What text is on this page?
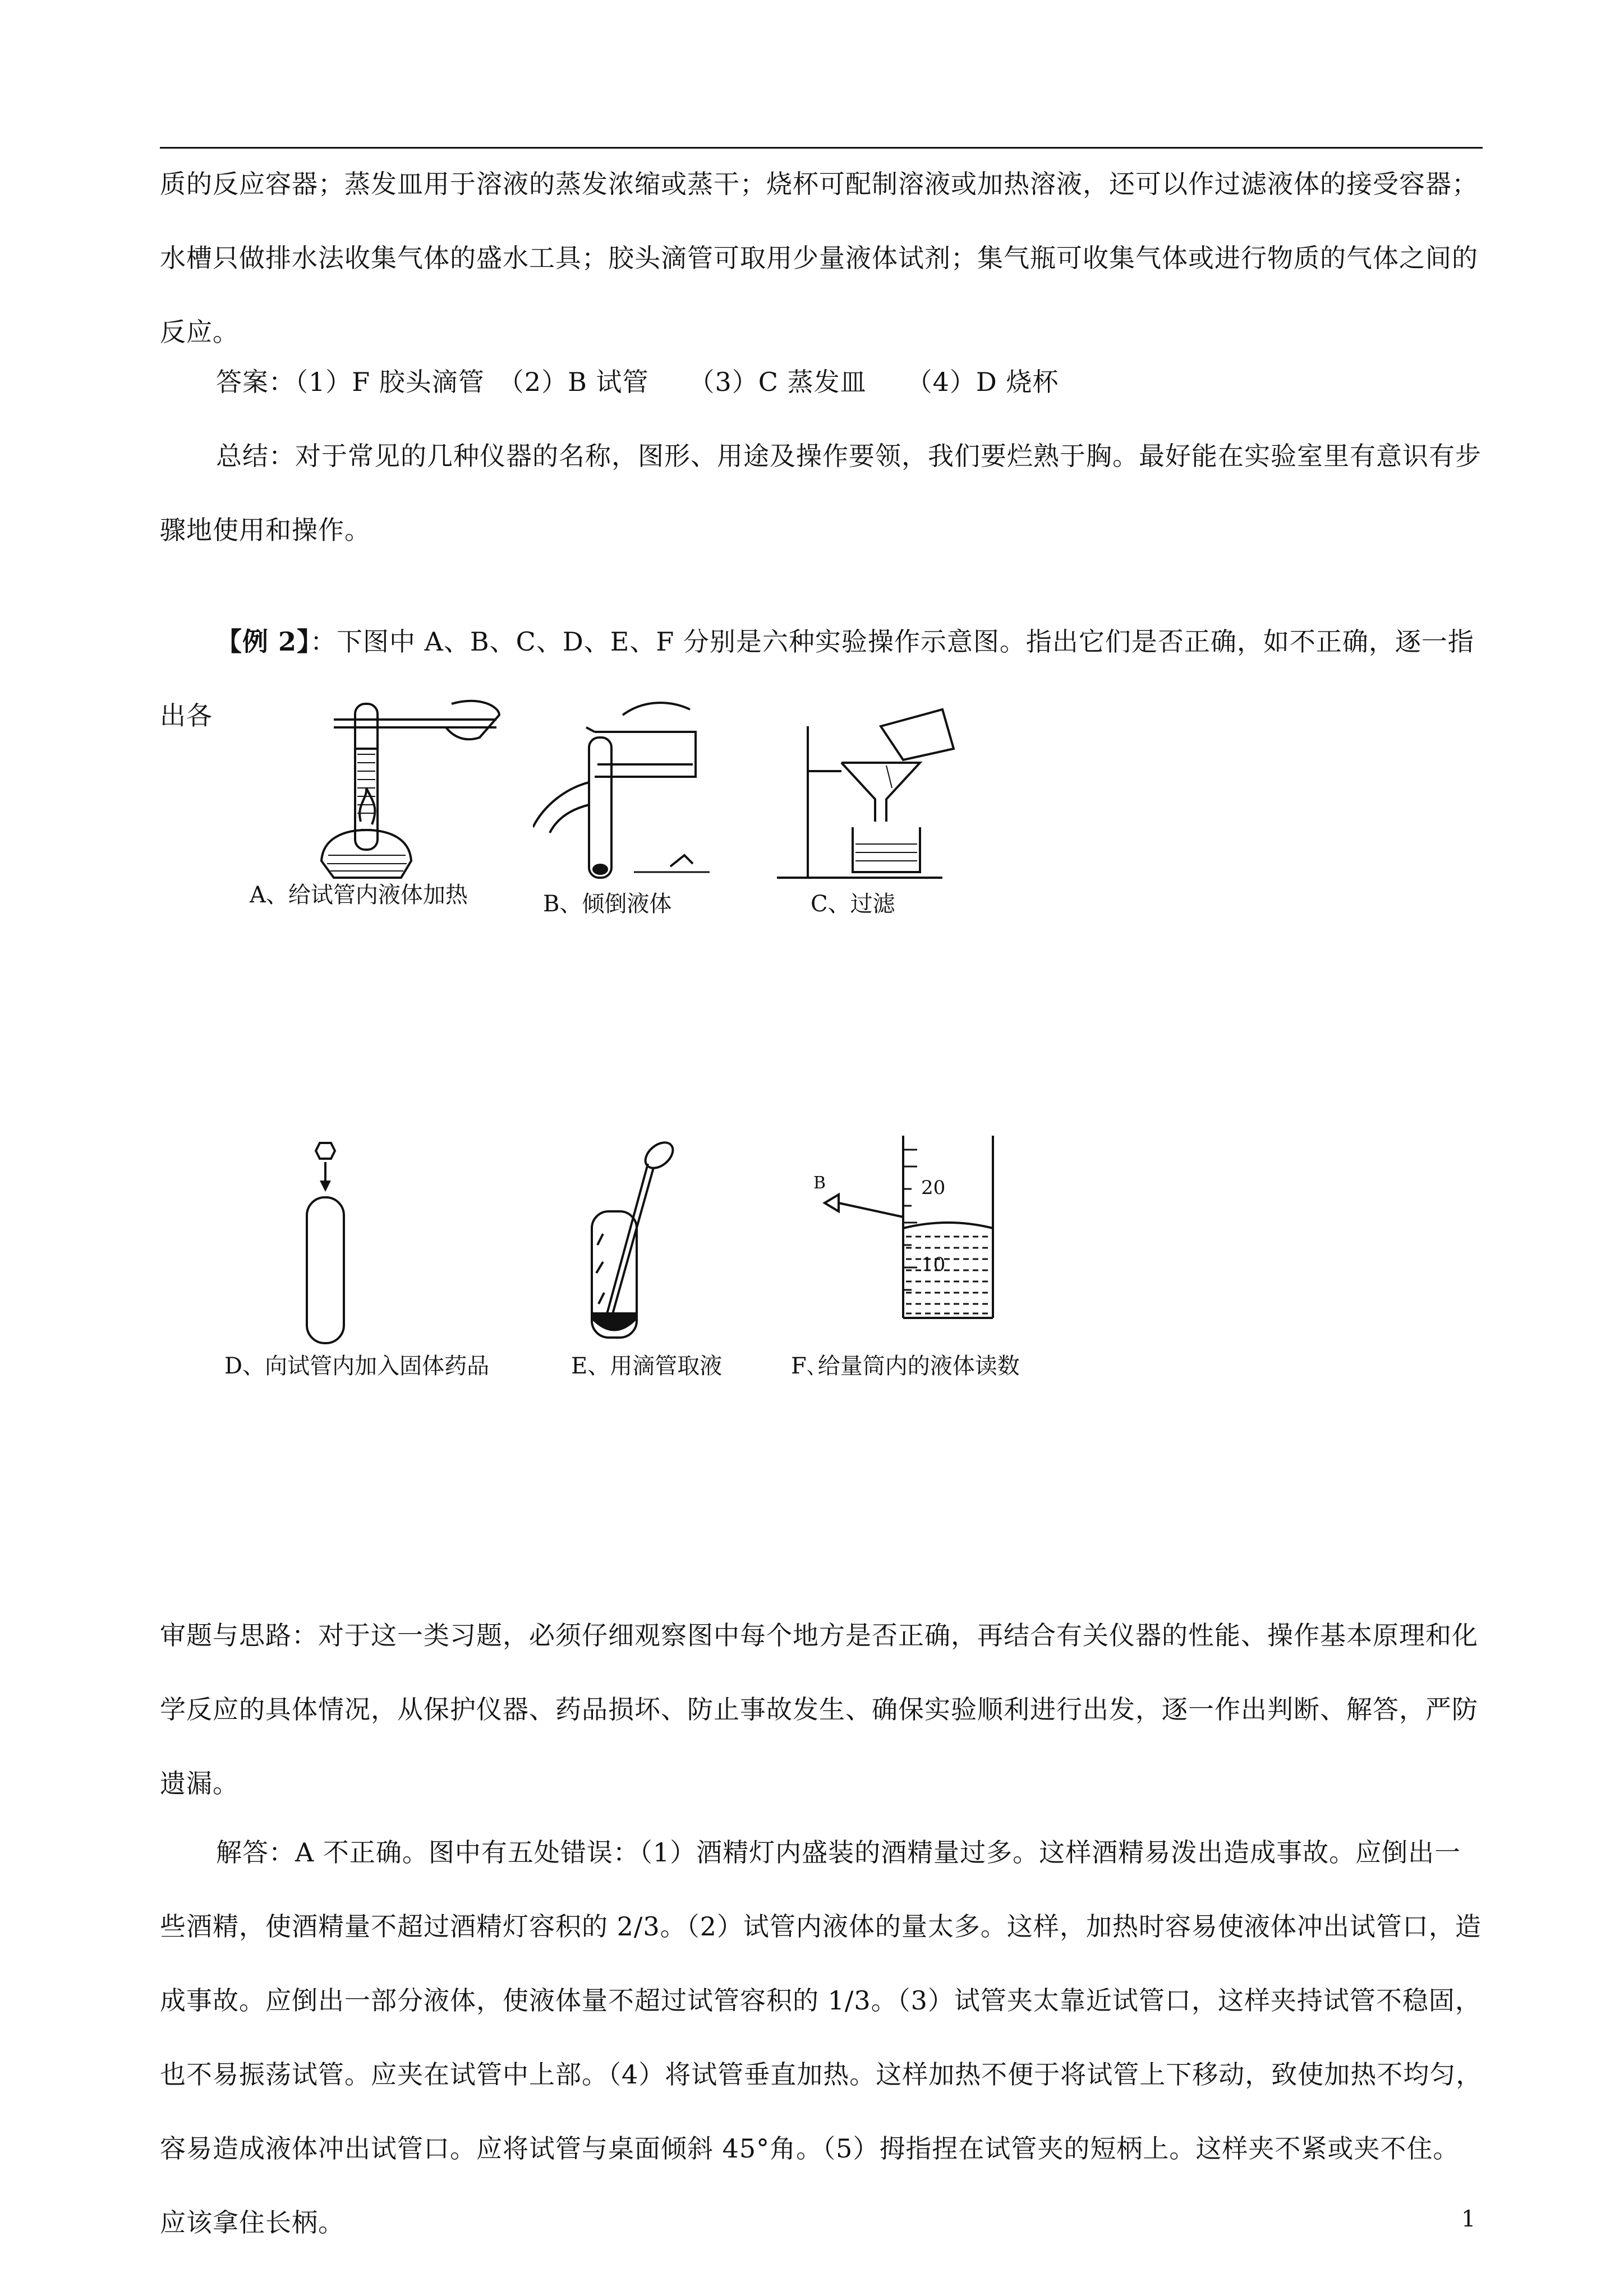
质的反应容器；蒸发皿用于溶液的蒸发浓缩或蒸干；烧杯可配制溶液或加热溶液，还可以作过滤液体的接受容器；水槽只做排水法收集气体的盛水工具；胶头滴管可取用少量液体试剂；集气瓶可收集气体或进行物质的气体之间的反应。
答案：（1）F 胶头滴管　（2）B 试管　　（3）C 蒸发皿　　（4）D 烧杯
总结：对于常见的几种仪器的名称，图形、用途及操作要领，我们要烂熟于胸。最好能在实验室里有意识有步骤地使用和操作。
【例 2】：下图中 A、B、C、D、E、F 分别是六种实验操作示意图。指出它们是否正确，如不正确，逐一指出各
A、给试管内液体加热	B、倾倒液体	C、过滤
D、向试管内加入固体药品	E、用滴管取液
B	20
10
F､给量筒内的液体读数
审题与思路：对于这一类习题，必须仔细观察图中每个地方是否正确，再结合有关仪器的性能、操作基本原理和化学反应的具体情况，从保护仪器、药品损坏、防止事故发生、确保实验顺利进行出发，逐一作出判断、解答，严防遗漏。
解答：A 不正确。图中有五处错误：（1）酒精灯内盛装的酒精量过多。这样酒精易泼出造成事故。应倒出一些酒精，使酒精量不超过酒精灯容积的 2/3。（2）试管内液体的量太多。这样，加热时容易使液体冲出试管口，造成事故。应倒出一部分液体，使液体量不超过试管容积的 1/3。（3）试管夹太靠近试管口，这样夹持试管不稳固，也不易振荡试管。应夹在试管中上部。（4）将试管垂直加热。这样加热不便于将试管上下移动，致使加热不均匀，容易造成液体冲出试管口。应将试管与桌面倾斜 45°角。（5）拇指捏在试管夹的短柄上。这样夹不紧或夹不住。应该拿住长柄。	1
